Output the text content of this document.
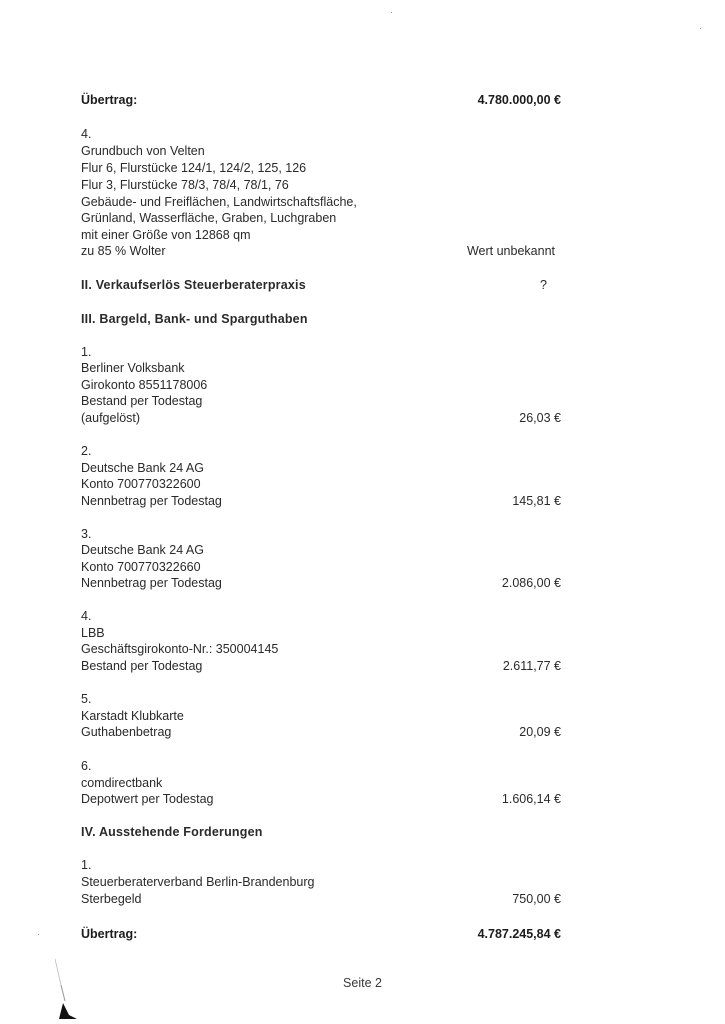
Übertrag:	4.780.000,00 €
4.
Grundbuch von Velten
Flur 6, Flurstücke 124/1, 124/2, 125, 126
Flur 3, Flurstücke 78/3, 78/4, 78/1, 76
Gebäude- und Freiflächen, Landwirtschaftsfläche,
Grünland, Wasserfläche, Graben, Luchgraben
mit einer Größe von 12868 qm
zu 85 % Wolter	Wert unbekannt
II. Verkaufserlös Steuerberaterpraxis	?
III. Bargeld, Bank- und Sparguthaben
1.
Berliner Volksbank
Girokonto 8551178006
Bestand per Todestag
(aufgelöst)	26,03 €
2.
Deutsche Bank 24 AG
Konto 700770322600
Nennbetrag per Todestag	145,81 €
3.
Deutsche Bank 24 AG
Konto 700770322660
Nennbetrag per Todestag	2.086,00 €
4.
LBB
Geschäftsgirokonto-Nr.: 350004145
Bestand per Todestag	2.611,77 €
5.
Karstadt Klubkarte
Guthabenbetrag	20,09 €
6.
comdirectbank
Depotwert per Todestag	1.606,14 €
IV. Ausstehende Forderungen
1.
Steuerberaterverband Berlin-Brandenburg
Sterbegeld	750,00 €
Übertrag:	4.787.245,84 €
Seite 2
